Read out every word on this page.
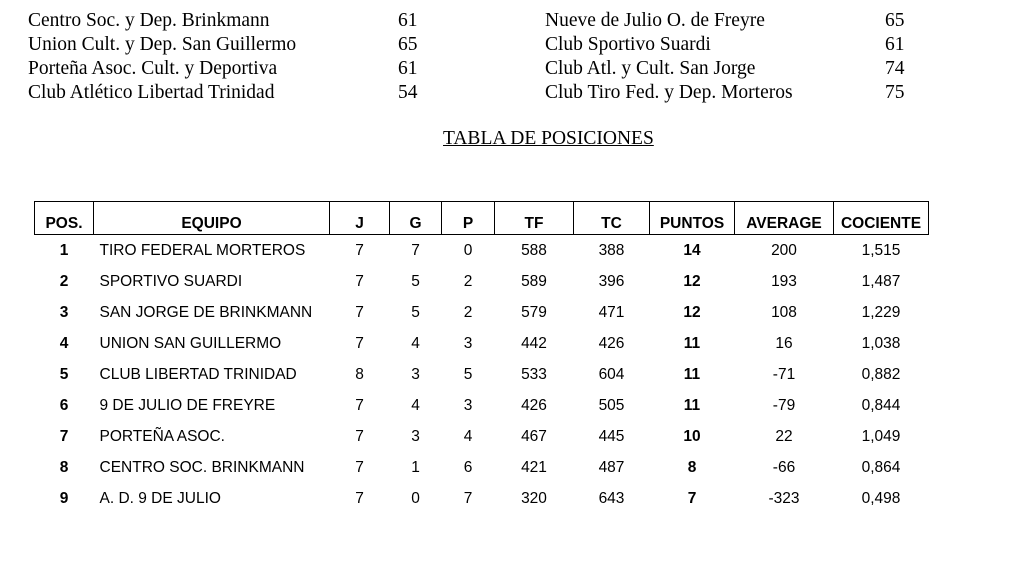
Centro Soc. y Dep. Brinkmann	61
Union Cult. y Dep. San Guillermo	65
Porteña Asoc. Cult. y Deportiva	61
Club Atlético Libertad Trinidad	54
Nueve de Julio O. de Freyre	65
Club Sportivo Suardi	61
Club Atl. y Cult. San Jorge	74
Club Tiro Fed. y Dep. Morteros	75
TABLA DE POSICIONES
POS.	EQUIPO	J	G	P	TF	TC	PUNTOS	AVERAGE	COCIENTE
1	TIRO FEDERAL MORTEROS	7	7	0	588	388	14	200	1,515
2	SPORTIVO SUARDI	7	5	2	589	396	12	193	1,487
3	SAN JORGE DE BRINKMANN	7	5	2	579	471	12	108	1,229
4	UNION SAN GUILLERMO	7	4	3	442	426	11	16	1,038
5	CLUB LIBERTAD TRINIDAD	8	3	5	533	604	11	-71	0,882
6	9 DE JULIO DE FREYRE	7	4	3	426	505	11	-79	0,844
7	PORTEÑA ASOC.	7	3	4	467	445	10	22	1,049
8	CENTRO SOC. BRINKMANN	7	1	6	421	487	8	-66	0,864
9	A. D. 9 DE JULIO	7	0	7	320	643	7	-323	0,498
